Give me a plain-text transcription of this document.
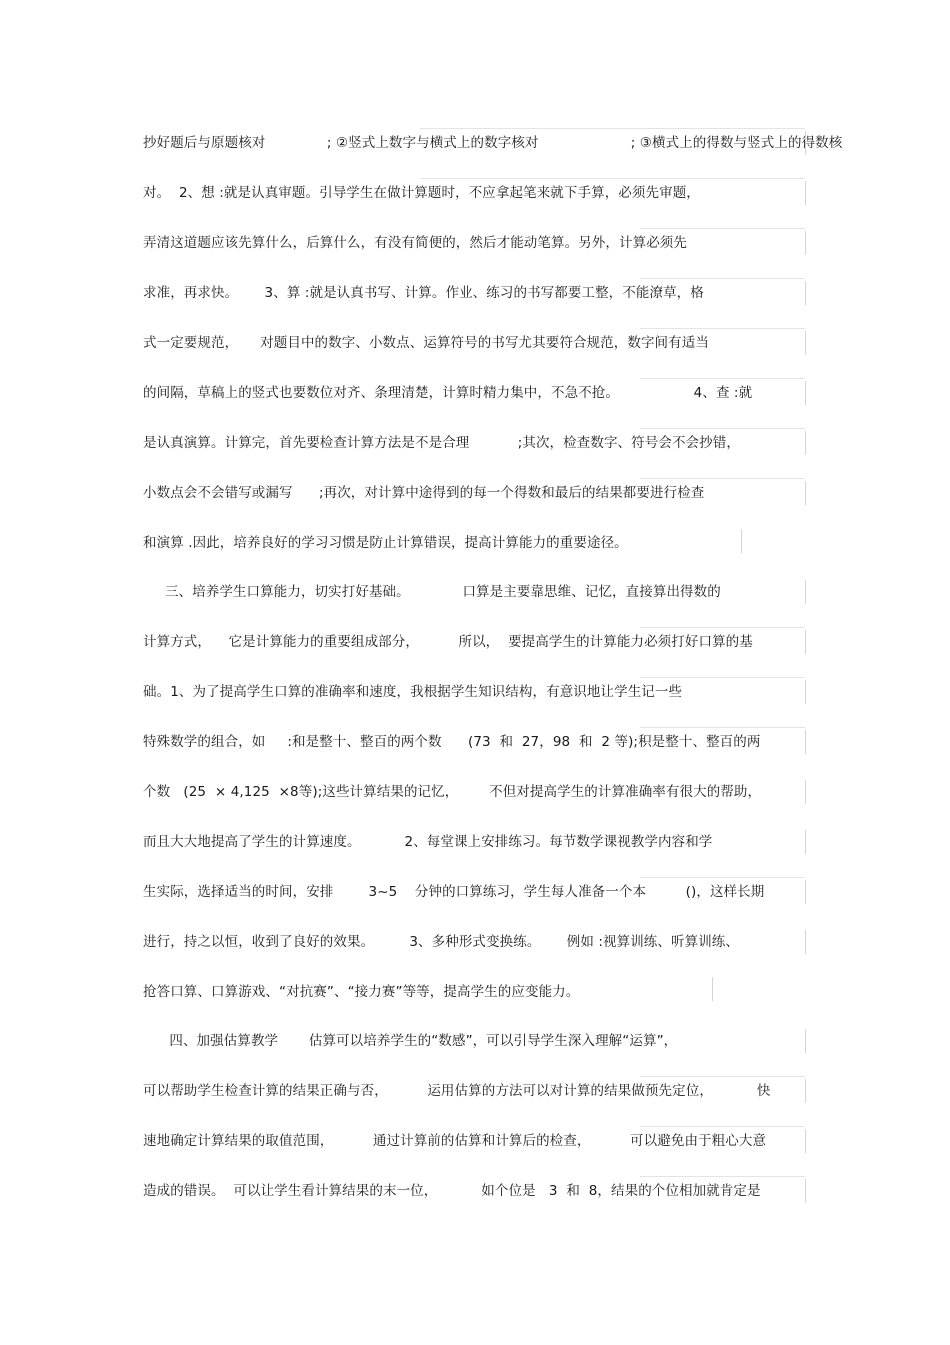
抄好题后与原题核对              ; ②竖式上数字与横式上的数字核对                     ; ③横式上的得数与竖式上的得数核
对。  2、想 :就是认真审题。引导学生在做计算题时，不应拿起笔来就下手算，必须先审题，
弄清这道题应该先算什么，后算什么，有没有简便的，然后才能动笔算。另外，计算必须先
求准，再求快。      3、算 :就是认真书写、计算。作业、练习的书写都要工整，不能潦草，格
式一定要规范，     对题目中的数字、小数点、运算符号的书写尤其要符合规范，数字间有适当
的间隔，草稿上的竖式也要数位对齐、条理清楚，计算时精力集中，不急不抢。                 4、查 :就
是认真演算。计算完，首先要检查计算方法是不是合理           ;其次，检查数字、符号会不会抄错，
小数点会不会错写或漏写      ;再次，对计算中途得到的每一个得数和最后的结果都要进行检查
和演算 .因此，培养良好的学习习惯是防止计算错误，提高计算能力的重要途径。
三、培养学生口算能力，切实打好基础。            口算是主要靠思维、记忆，直接算出得数的
计算方式，    它是计算能力的重要组成部分，         所以，  要提高学生的计算能力必须打好口算的基
础。1、为了提高学生口算的准确率和速度，我根据学生知识结构，有意识地让学生记一些
特殊数学的组合，如     :和是整十、整百的两个数      (73  和  27，98  和  2 等);积是整十、整百的两
个数   (25  × 4,125  ×8等);这些计算结果的记忆，       不但对提高学生的计算准确率有很大的帮助，
而且大大地提高了学生的计算速度。          2、每堂课上安排练习。每节数学课视教学内容和学
生实际，选择适当的时间，安排        3~5    分钟的口算练习，学生每人准备一个本         ()，这样长期
进行，持之以恒，收到了良好的效果。        3、多种形式变换练。      例如 :视算训练、听算训练、
抢答口算、口算游戏、“对抗赛”、“接力赛”等等，提高学生的应变能力。
四、加强估算教学       估算可以培养学生的“数感”，可以引导学生深入理解“运算”，
可以帮助学生检查计算的结果正确与否，         运用估算的方法可以对计算的结果做预先定位，          快
速地确定计算结果的取值范围，         通过计算前的估算和计算后的检查，         可以避免由于粗心大意
造成的错误。  可以让学生看计算结果的末一位，          如个位是   3  和  8，结果的个位相加就肯定是
